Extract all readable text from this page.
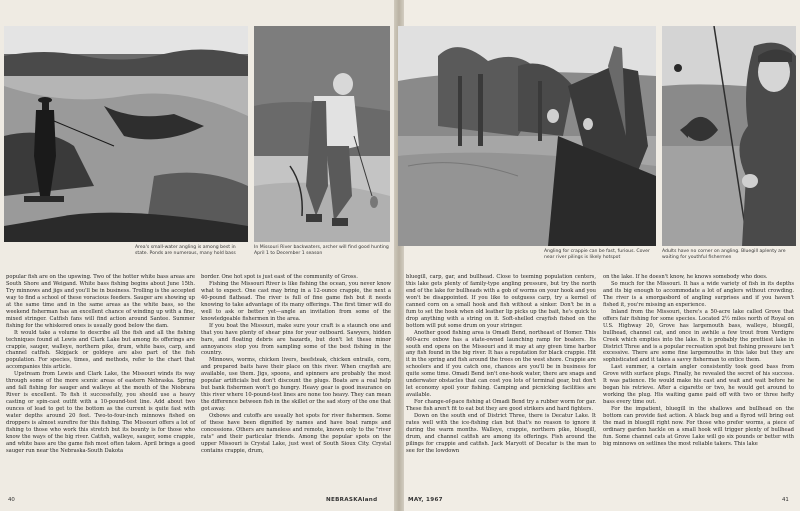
Area's small-water angling is among best in state. Ponds are numerous, many hold bass
In Missouri River backwaters, archer will find good hunting April 1 to December 1 season	Angling for crappie can be fast, furious. Cover near river pilings is likely hotspot
Adults have no corner on angling. Bluegill aplenty are waiting for youthful fishermen

popular fish are on the upswing. Two of the hotter white bass areas are South Shore and Weigand. White bass fishing begins about June 15th. Try minnows and jigs and you'll be in business. Trolling is the accepted way to find a school of these voracious feeders. Sauger are showing up at the same time and in the same areas as the white bass, so the weekend fisherman has an excellent chance of winding up with a fine, mixed stringer. Catfish fans will find action around Santee. Summer fishing for the whiskered ones is usually good below the dam.

It would take a volume to describe all the fish and all the fishing techniques found at Lewis and Clark Lake but among its offerings are crappie, sauger, walleye, northern pike, drum, white bass, carp, and channel catfish. Skipjack or goldeye are also part of the fish population. For species, times, and methods, refer to the chart that accompanies this article.

Upstream from Lewis and Clark Lake, the Missouri winds its way through some of the more scenic areas of eastern Nebraska. Spring and fall fishing for sauger and walleye at the mouth of the Niobrara River is excellent. To fish it successfully, you should use a heavy casting or spin-cast outfit with a 10-pound-test line. Add about two ounces of lead to get to the bottom as the current is quite fast with water depths around 20 feet. Two-to-four-inch minnows fished on droppers is almost surefire for this fishing. The Missouri offers a lot of fishing to those who work this stretch but its bounty is for those who know the ways of the big river. Catfish, walleye, sauger, some crappie, and white bass are the game fish most often taken. April brings a good sauger run near the Nebraska-South Dakota

border. One hot spot is just east of the community of Gross.

Fishing the Missouri River is like fishing the ocean, you never know what to expect. One cast may bring in a 12-ounce crappie, the next a 40-pound flathead. The river is full of fine game fish but it needs knowing to take advantage of its many offerings. The first timer will do well to ask or better yet—angle an invitation from some of the knowledgeable fishermen in the area.

If you boat the Missouri, make sure your craft is a staunch one and that you have plenty of shear pins for your outboard. Sawyers, hidden bars, and floating debris are hazards, but don't let these minor annoyances stop you from sampling some of the best fishing in the country.

Minnows, worms, chicken livers, beefsteak, chicken entrails, corn, and prepared baits have their place on this river. When crayfish are available, use them. Jigs, spoons, and spinners are probably the most popular artificials but don't discount the plugs. Boats are a real help but bank fishermen won't go hungry. Heavy gear is good insurance on this river where 10-pound-test lines are none too heavy. They can mean the difference between fish in the skillet or the sad story of the one that got away.

Oxbows and cutoffs are usually hot spots for river fishermen. Some of these have been dignified by names and have boat ramps and concessions. Others are nameless and remote, known only to the "river rats" and their particular friends. Among the popular spots on the upper Missouri is Crystal Lake, just west of South Sioux City. Crystal contains crappie, drum,

bluegill, carp, gar, and bullhead. Close to teeming population centers, this lake gets plenty of family-type angling pressure, but try the north end of the lake for bullheads with a gob of worms on your hook and you won't be disappointed. If you like to outguess carp, try a kernel of canned corn on a small hook and fish without a sinker. Don't be in a fum to set the hook when old leather lip picks up the bait, he's quick to drop anything with a string on it. Soft-shelled crayfish fished on the bottom will put some drum on your stringer.

Another good fishing area is Omadi Bend, northeast of Homer. This 400-acre oxbow has a state-owned launching ramp for boaters. Its south end opens on the Missouri and it may at any given time harbor any fish found in the big river. It has a reputation for black crappie. Hit it in the spring and fish around the trees on the west shore. Crappie are schoolers and if you catch one, chances are you'll be in business for quite some time. Omadi Bend isn't one-hook water, there are snags and underwater obstacles that can cost you lots of terminal gear, but don't let economy spoil your fishing. Camping and picnicking facilities are available.

For change-of-pace fishing at Omadi Bend try a rubber worm for gar. These fish aren't fit to eat but they are good strikers and hard fighters.

Down on the south end of District Three, there is Decatur Lake. It rates well with the ice-fishing clan but that's no reason to ignore it during the warm months. Walleye, crappie, northern pike, bluegill, drum, and channel catfish are among its offerings. Fish around the pilings for crappie and catfish. Jack Maryott of Decatur is the man to see for the lowdown

on the lake. If he doesn't know, he knows somebody who does.

So much for the Missouri. It has a wide variety of fish in its depths and its big enough to accommodate a lot of anglers without crowding. The river is a smorgasbord of angling surprises and if you haven't fished it, you're missing an experience.

Inland from the Missouri, there's a 50-acre lake called Grove that offers fair fishing for some species. Located 2½ miles north of Royal on U.S. Highway 20, Grove has largemouth bass, walleye, bluegill, bullhead, channel cat, and once in awhile a few trout from Verdigre Creek which empties into the lake. It is probably the prettiest lake in District Three and is a popular recreation spot but fishing pressure isn't excessive. There are some fine largemouths in this lake but they are sophisticated and it takes a savvy fisherman to entice them.

Last summer, a certain angler consistently took good bass from Grove with surface plugs. Finally, he revealed the secret of his success. It was patience. He would make his cast and wait and wait before he began his retrieve. After a cigarette or two, he would get around to working the plug. His waiting game paid off with two or three hefty bass every time out.

For the impatient, bluegill in the shallows and bullhead on the bottom can provide fast action. A black bug and a flyrod will bring out the mad in bluegill right now. For those who prefer worms, a piece of ordinary garden hackle on a small hook will trigger plenty of bullhead fun. Some channel cats at Grove Lake will go six pounds or better with big minnows on setlines the most reliable takers. This lake

40	NEBRASKAland	MAY, 1967	41
